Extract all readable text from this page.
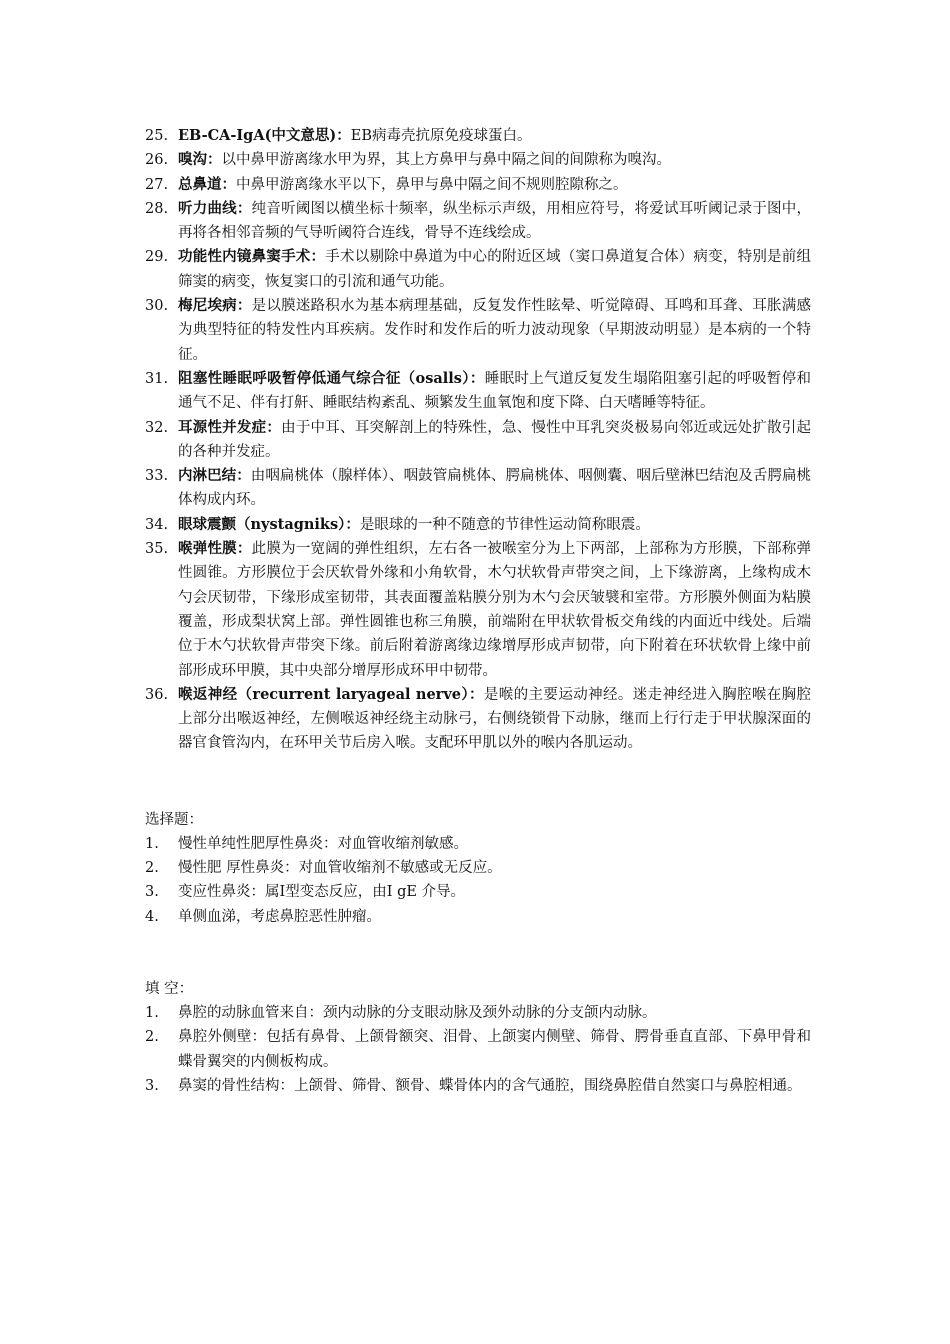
25. EB-CA-IgA(中文意思)：EB病毒壳抗原免疫球蛋白。
26. 嗅沟：以中鼻甲游离缘水甲为界，其上方鼻甲与鼻中隔之间的间隙称为嗅沟。
27. 总鼻道：中鼻甲游离缘水平以下，鼻甲与鼻中隔之间不规则腔隙称之。
28. 听力曲线：纯音听阈图以横坐标十频率，纵坐标示声级，用相应符号，将爱试耳听阈记录于图中，再将各相邻音频的气导听阈符合连线，骨导不连线绘成。
29. 功能性内镜鼻窦手术：手术以剔除中鼻道为中心的附近区域（窦口鼻道复合体）病变，特别是前组筛窦的病变，恢复窦口的引流和通气功能。
30. 梅尼埃病：是以膜迷路积水为基本病理基础，反复发作性眩晕、听觉障碍、耳鸣和耳聋、耳胀满感为典型特征的特发性内耳疾病。发作时和发作后的听力波动现象（早期波动明显）是本病的一个特征。
31. 阻塞性睡眠呼吸暂停低通气综合征（osalls）：睡眠时上气道反复发生塌陷阻塞引起的呼吸暂停和通气不足、伴有打鼾、睡眠结构紊乱、频繁发生血氧饱和度下降、白天嗜睡等特征。
32. 耳源性并发症：由于中耳、耳突解剖上的特殊性，急、慢性中耳乳突炎极易向邻近或远处扩散引起的各种并发症。
33. 内淋巴结：由咽扁桃体（腺样体）、咽鼓管扁桃体、腭扁桃体、咽侧囊、咽后壁淋巴结泡及舌腭扁桃体构成内环。
34. 眼球震颤（nystagniks）：是眼球的一种不随意的节律性运动简称眼震。
35. 喉弹性膜：此膜为一宽阔的弹性组织，左右各一被喉室分为上下两部，上部称为方形膜，下部称弹性圆锥。方形膜位于会厌软骨外缘和小角软骨，木勺状软骨声带突之间，上下缘游离，上缘构成木勺会厌韧带，下缘形成室韧带，其表面覆盖粘膜分别为木勺会厌皱襞和室带。方形膜外侧面为粘膜覆盖，形成梨状窝上部。弹性圆锥也称三角膜，前端附在甲状软骨板交角线的内面近中线处。后端位于木勺状软骨声带突下缘。前后附着游离缘边缘增厚形成声韧带，向下附着在环状软骨上缘中前部形成环甲膜，其中央部分增厚形成环甲中韧带。
36. 喉返神经（recurrent laryageal nerve）：是喉的主要运动神经。迷走神经进入胸腔喉在胸腔上部分出喉返神经，左侧喉返神经绕主动脉弓，右侧绕锁骨下动脉，继而上行行走于甲状腺深面的器官食管沟内，在环甲关节后房入喉。支配环甲肌以外的喉内各肌运动。
选择题：
1.	慢性单纯性肥厚性鼻炎：对血管收缩剂敏感。
2.	慢性肥 厚性鼻炎：对血管收缩剂不敏感或无反应。
3.	变应性鼻炎：属Ⅰ型变态反应，由Ⅰ gE 介导。
4.	单侧血涕，考虑鼻腔恶性肿瘤。
填 空：
1.	鼻腔的动脉血管来自：颈内动脉的分支眼动脉及颈外动脉的分支颌内动脉。
2.	鼻腔外侧壁：包括有鼻骨、上颌骨额突、泪骨、上颌窦内侧壁、筛骨、腭骨垂直直部、下鼻甲骨和蝶骨翼突的内侧板构成。
3.	鼻窦的骨性结构：上颌骨、筛骨、额骨、蝶骨体内的含气通腔，围绕鼻腔借自然窦口与鼻腔相通。
